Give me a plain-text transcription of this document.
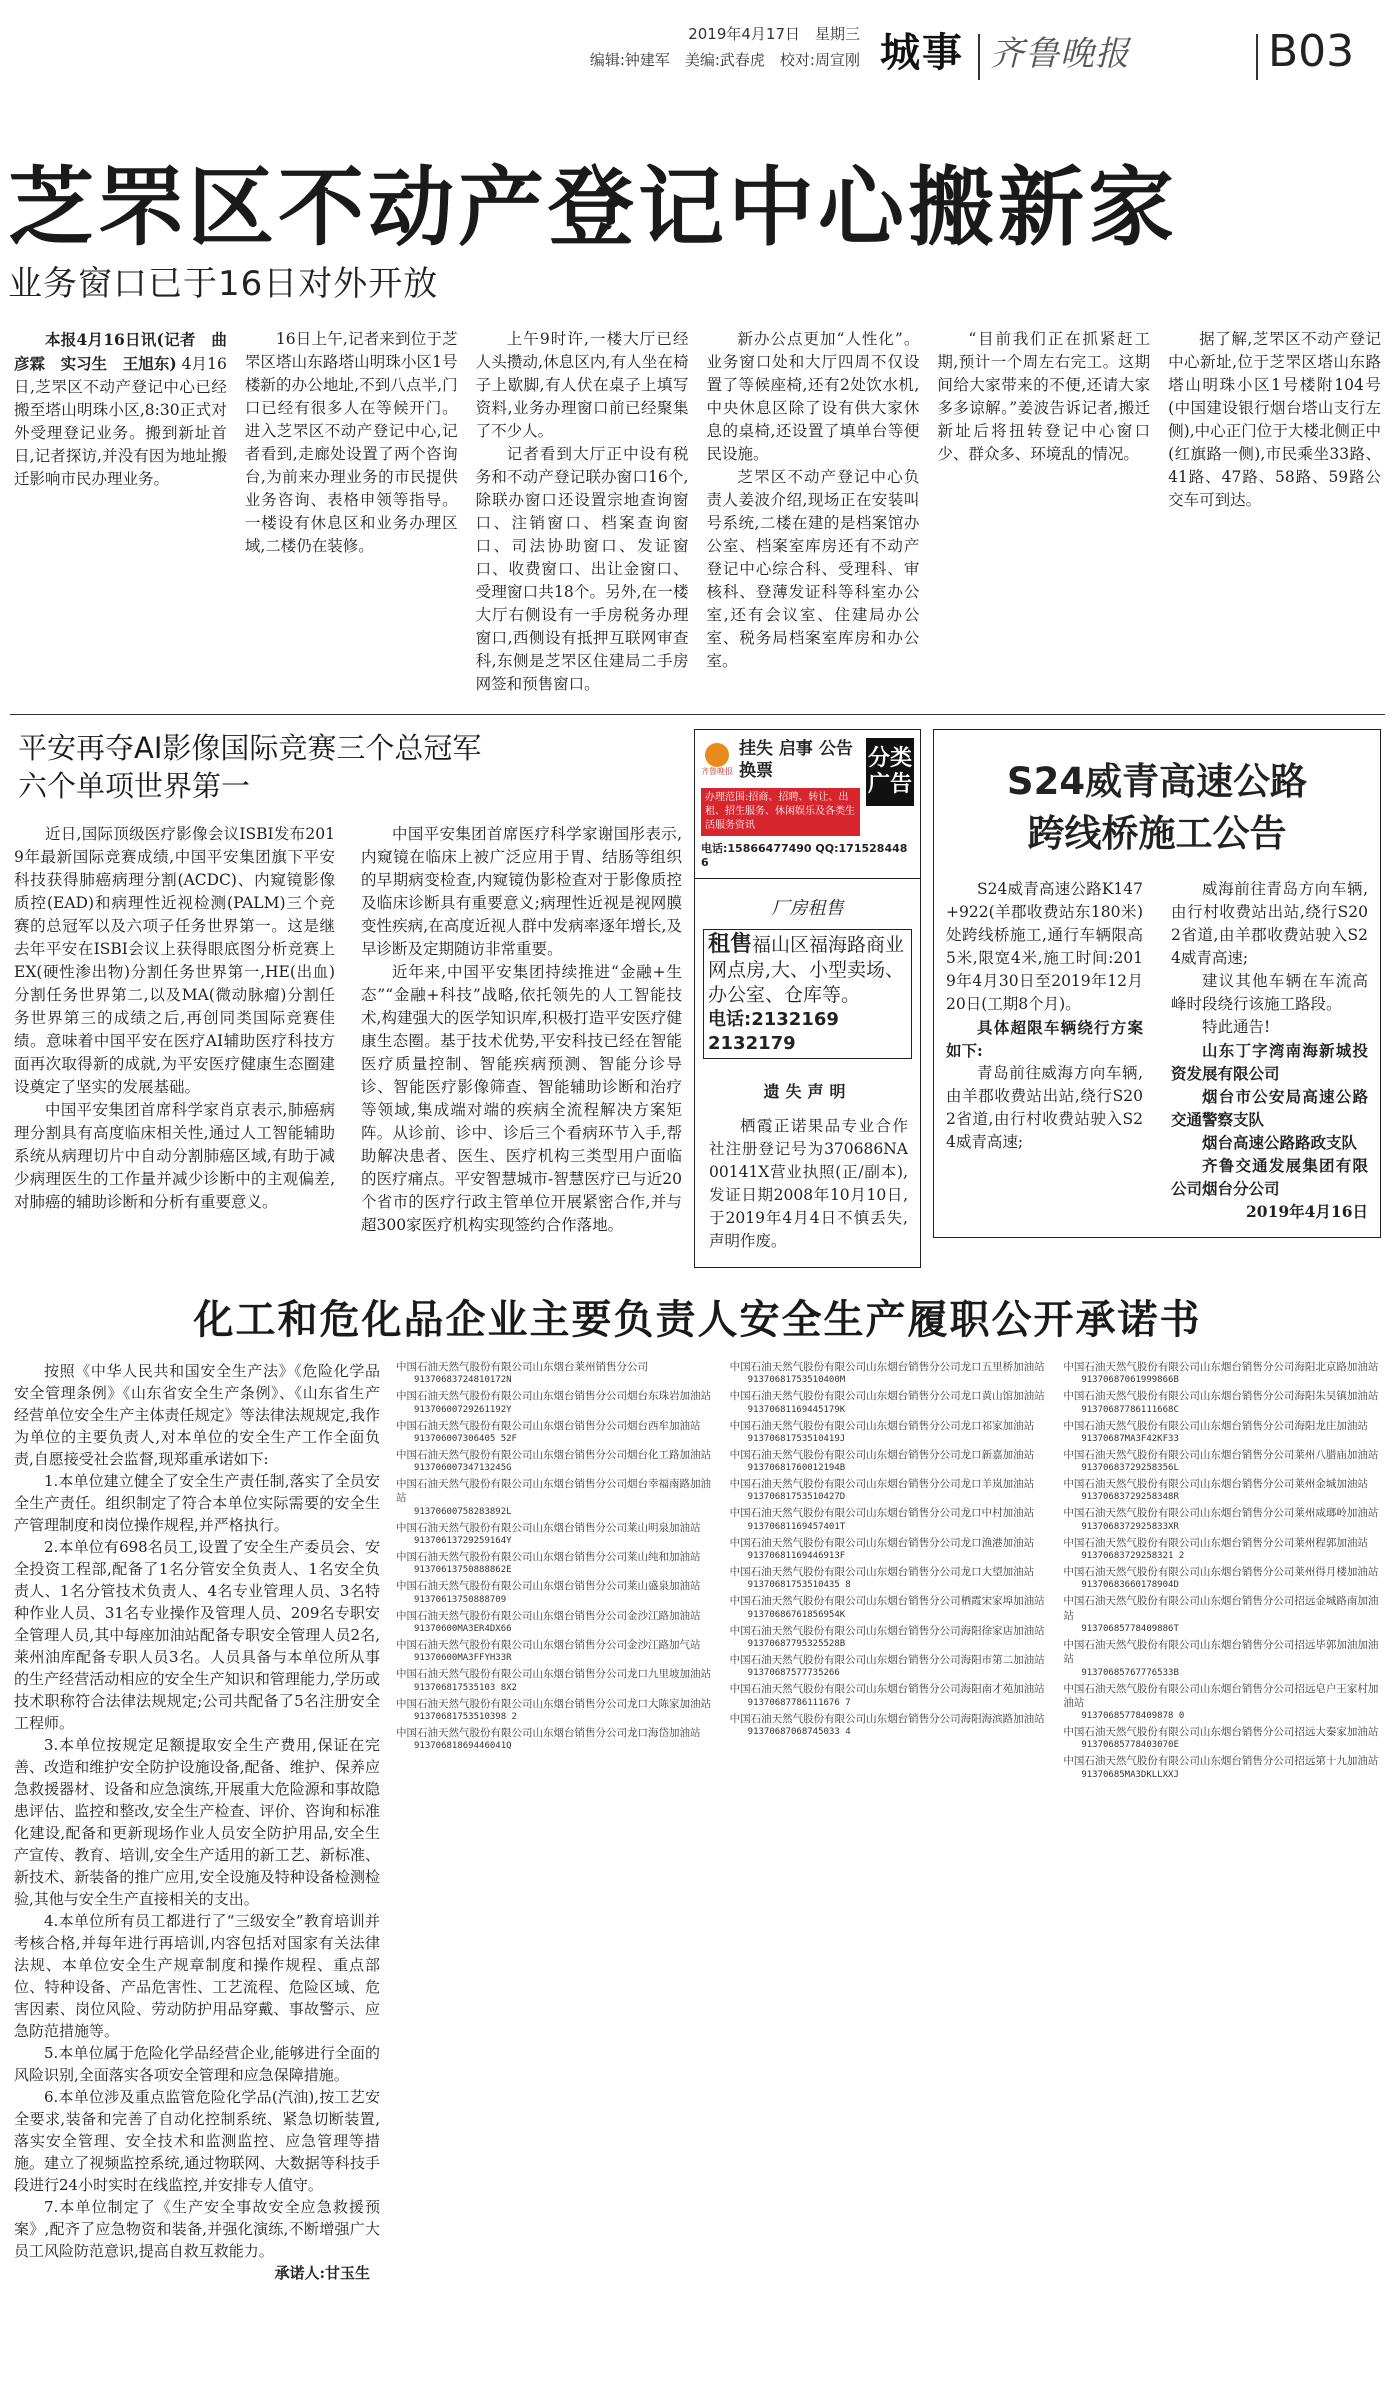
2019年4月17日　星期三
编辑:钟建军　美编:武春虎　校对:周宣刚 城事 齐鲁晚报	B03
芝罘区不动产登记中心搬新家
业务窗口已于16日对外开放

本报4月16日讯(记者　曲彦霖　实习生　王旭东) 4月16日,芝罘区不动产登记中心已经搬至塔山明珠小区,8:30正式对外受理登记业务。搬到新址首日,记者探访,并没有因为地址搬迁影响市民办理业务。

16日上午,记者来到位于芝罘区塔山东路塔山明珠小区1号楼新的办公地址,不到八点半,门口已经有很多人在等候开门。进入芝罘区不动产登记中心,记者看到,走廊处设置了两个咨询台,为前来办理业务的市民提供业务咨询、表格申领等指导。一楼设有休息区和业务办理区域,二楼仍在装修。

上午9时许,一楼大厅已经人头攒动,休息区内,有人坐在椅子上歇脚,有人伏在桌子上填写资料,业务办理窗口前已经聚集了不少人。

记者看到大厅正中设有税务和不动产登记联办窗口16个,除联办窗口还设置宗地查询窗口、注销窗口、档案查询窗口、司法协助窗口、发证窗口、收费窗口、出让金窗口、受理窗口共18个。另外,在一楼大厅右侧设有一手房税务办理窗口,西侧设有抵押互联网审查科,东侧是芝罘区住建局二手房网签和预售窗口。

新办公点更加“人性化”。业务窗口处和大厅四周不仅设置了等候座椅,还有2处饮水机,中央休息区除了设有供大家休息的桌椅,还设置了填单台等便民设施。

芝罘区不动产登记中心负责人姜波介绍,现场正在安装叫号系统,二楼在建的是档案馆办公室、档案室库房还有不动产登记中心综合科、受理科、审核科、登薄发证科等科室办公室,还有会议室、住建局办公室、税务局档案室库房和办公室。

“目前我们正在抓紧赶工期,预计一个周左右完工。这期间给大家带来的不便,还请大家多多谅解。”姜波告诉记者,搬迁新址后将扭转登记中心窗口少、群众多、环境乱的情况。

据了解,芝罘区不动产登记中心新址,位于芝罘区塔山东路塔山明珠小区1号楼附104号(中国建设银行烟台塔山支行左侧),中心正门位于大楼北侧正中(红旗路一侧),市民乘坐33路、41路、47路、58路、59路公交车可到达。

平安再夺AI影像国际竞赛三个总冠军
六个单项世界第一

近日,国际顶级医疗影像会议ISBI发布2019年最新国际竞赛成绩,中国平安集团旗下平安科技获得肺癌病理分割(ACDC)、内窥镜影像质控(EAD)和病理性近视检测(PALM)三个竞赛的总冠军以及六项子任务世界第一。这是继去年平安在ISBI会议上获得眼底图分析竞赛上EX(硬性渗出物)分割任务世界第一,HE(出血)分割任务世界第二,以及MA(微动脉瘤)分割任务世界第三的成绩之后,再创同类国际竞赛佳绩。意味着中国平安在医疗AI辅助医疗科技方面再次取得新的成就,为平安医疗健康生态圈建设奠定了坚实的发展基础。

中国平安集团首席科学家肖京表示,肺癌病理分割具有高度临床相关性,通过人工智能辅助系统从病理切片中自动分割肺癌区域,有助于减少病理医生的工作量并减少诊断中的主观偏差,对肺癌的辅助诊断和分析有重要意义。

中国平安集团首席医疗科学家谢国彤表示,内窥镜在临床上被广泛应用于胃、结肠等组织的早期病变检查,内窥镜伪影检查对于影像质控及临床诊断具有重要意义;病理性近视是视网膜变性疾病,在高度近视人群中发病率逐年增长,及早诊断及定期随访非常重要。

近年来,中国平安集团持续推进“金融+生态”“金融+科技”战略,依托领先的人工智能技术,构建强大的医学知识库,积极打造平安医疗健康生态圈。基于技术优势,平安科技已经在智能医疗质量控制、智能疾病预测、智能分诊导诊、智能医疗影像筛查、智能辅助诊断和治疗等领域,集成端对端的疾病全流程解决方案矩阵。从诊前、诊中、诊后三个看病环节入手,帮助解决患者、医生、医疗机构三类型用户面临的医疗痛点。平安智慧城市-智慧医疗已与近20个省市的医疗行政主管单位开展紧密合作,并与超300家医疗机构实现签约合作落地。

齐鲁晚报
挂失 启事 公告 换票
办理范围:招商、招聘、转让、出租、招生服务、休闲娱乐及各类生活服务资讯
分类
广告
电话:15866477490 QQ:1715284486
厂房租售
租售福山区福海路商业网点房,大、小型卖场、办公室、仓库等。
电话:2132169 2132179
遗失声明
栖霞正诺果品专业合作社注册登记号为370686NA00141X营业执照(正/副本),发证日期2008年10月10日,于2019年4月4日不慎丢失,声明作废。
S24威青高速公路
跨线桥施工公告

S24威青高速公路K147+922(羊郡收费站东180米)处跨线桥施工,通行车辆限高5米,限宽4米,施工时间:2019年4月30日至2019年12月20日(工期8个月)。

具体超限车辆绕行方案如下:

青岛前往威海方向车辆,由羊郡收费站出站,绕行S202省道,由行村收费站驶入S24威青高速;

威海前往青岛方向车辆,由行村收费站出站,绕行S202省道,由羊郡收费站驶入S24威青高速;

建议其他车辆在车流高峰时段绕行该施工路段。

特此通告!

山东丁字湾南海新城投资发展有限公司

烟台市公安局高速公路交通警察支队

烟台高速公路路政支队

齐鲁交通发展集团有限公司烟台分公司

2019年4月16日

化工和危化品企业主要负责人安全生产履职公开承诺书

按照《中华人民共和国安全生产法》《危险化学品安全管理条例》《山东省安全生产条例》、《山东省生产经营单位安全生产主体责任规定》等法律法规规定,我作为单位的主要负责人,对本单位的安全生产工作全面负责,自愿接受社会监督,现郑重承诺如下:

1.本单位建立健全了安全生产责任制,落实了全员安全生产责任。组织制定了符合本单位实际需要的安全生产管理制度和岗位操作规程,并严格执行。

2.本单位有698名员工,设置了安全生产委员会、安全投资工程部,配备了1名分管安全负责人、1名安全负责人、1名分管技术负责人、4名专业管理人员、3名特种作业人员、31名专业操作及管理人员、209名专职安全管理人员,其中每座加油站配备专职安全管理人员2名,莱州油库配备专职人员3名。人员具备与本单位所从事的生产经营活动相应的安全生产知识和管理能力,学历或技术职称符合法律法规规定;公司共配备了5名注册安全工程师。

3.本单位按规定足额提取安全生产费用,保证在完善、改造和维护安全防护设施设备,配备、维护、保养应急救援器材、设备和应急演练,开展重大危险源和事故隐患评估、监控和整改,安全生产检查、评价、咨询和标准化建设,配备和更新现场作业人员安全防护用品,安全生产宣传、教育、培训,安全生产适用的新工艺、新标准、新技术、新装备的推广应用,安全设施及特种设备检测检验,其他与安全生产直接相关的支出。

4.本单位所有员工都进行了“三级安全”教育培训并考核合格,并每年进行再培训,内容包括对国家有关法律法规、本单位安全生产规章制度和操作规程、重点部位、特种设备、产品危害性、工艺流程、危险区域、危害因素、岗位风险、劳动防护用品穿戴、事故警示、应急防范措施等。

5.本单位属于危险化学品经营企业,能够进行全面的风险识别,全面落实各项安全管理和应急保障措施。

6.本单位涉及重点监管危险化学品(汽油),按工艺安全要求,装备和完善了自动化控制系统、紧急切断装置,落实安全管理、安全技术和监测监控、应急管理等措施。建立了视频监控系统,通过物联网、大数据等科技手段进行24小时实时在线监控,并安排专人值守。

7.本单位制定了《生产安全事故安全应急救援预案》,配齐了应急物资和装备,并强化演练,不断增强广大员工风险防范意识,提高自救互救能力。

承诺人:甘玉生

中国石油天然气股份有限公司山东烟台莱州销售分公司
91370683724810172N
中国石油天然气股份有限公司山东烟台销售分公司烟台东珠岩加油站
91370600729261192Y
中国石油天然气股份有限公司山东烟台销售分公司烟台西牟加油站
913706007306405 52F
中国石油天然气股份有限公司山东烟台销售分公司烟台化工路加油站
91370600734713245G
中国石油天然气股份有限公司山东烟台销售分公司烟台幸福南路加油站
91370600758283892L
中国石油天然气股份有限公司山东烟台销售分公司莱山明泉加油站
91370613729259164Y
中国石油天然气股份有限公司山东烟台销售分公司莱山纯和加油站
91370613750888862E
中国石油天然气股份有限公司山东烟台销售分公司莱山盛泉加油站
91370613750888709
中国石油天然气股份有限公司山东烟台销售分公司金沙江路加油站
91370600MA3ER4DX66
中国石油天然气股份有限公司山东烟台销售分公司金沙江路加气站
91370600MA3FFYH33R
中国石油天然气股份有限公司山东烟台销售分公司龙口九里坡加油站
913706817535103 8X2
中国石油天然气股份有限公司山东烟台销售分公司龙口大陈家加油站
91370681753510398 2
中国石油天然气股份有限公司山东烟台销售分公司龙口海岱加油站
91370681869446041Q
中国石油天然气股份有限公司山东烟台销售分公司龙口五里桥加油站
91370681753510400M
中国石油天然气股份有限公司山东烟台销售分公司龙口黄山馆加油站
91370681169445179K
中国石油天然气股份有限公司山东烟台销售分公司龙口祁家加油站
91370681753510419J
中国石油天然气股份有限公司山东烟台销售分公司龙口新嘉加油站
91370681760012194B
中国石油天然气股份有限公司山东烟台销售分公司龙口羊岚加油站
91370681753510427D
中国石油天然气股份有限公司山东烟台销售分公司龙口中村加油站
91370681169457401T
中国石油天然气股份有限公司山东烟台销售分公司龙口渔港加油站
91370681169446913F
中国石油天然气股份有限公司山东烟台销售分公司龙口大望加油站
91370681753510435 8
中国石油天然气股份有限公司山东烟台销售分公司栖霞宋家埠加油站
91370686761856954K
中国石油天然气股份有限公司山东烟台销售分公司海阳徐家店加油站
91370687795325528B
中国石油天然气股份有限公司山东烟台销售分公司海阳市第二加油站
91370687577735266
中国石油天然气股份有限公司山东烟台销售分公司海阳南才苑加油站
91370687786111676 7
中国石油天然气股份有限公司山东烟台销售分公司海阳海滨路加油站
91370687068745033 4
中国石油天然气股份有限公司山东烟台销售分公司海阳北京路加油站
91370687061999866B
中国石油天然气股份有限公司山东烟台销售分公司海阳朱吴镇加油站
91370687786111668C
中国石油天然气股份有限公司山东烟台销售分公司海阳龙庄加油站
91370687MA3F42KF33
中国石油天然气股份有限公司山东烟台销售分公司莱州八腊庙加油站
91370683729258356L
中国石油天然气股份有限公司山东烟台销售分公司莱州金城加油站
91370683729258348R
中国石油天然气股份有限公司山东烟台销售分公司莱州咸瑯岭加油站
9137068372925833XR
中国石油天然气股份有限公司山东烟台销售分公司莱州程郭加油站
91370683729258321 2
中国石油天然气股份有限公司山东烟台销售分公司莱州得月楼加油站
91370683660178904D
中国石油天然气股份有限公司山东烟台销售分公司招远金城路南加油站
91370685778409886T
中国石油天然气股份有限公司山东烟台销售分公司招远毕郭加油加油站
91370685767776533B
中国石油天然气股份有限公司山东烟台销售分公司招远皂户王家村加油站
91370685778409878 0
中国石油天然气股份有限公司山东烟台销售分公司招远大秦家加油站
91370685778403070E
中国石油天然气股份有限公司山东烟台销售分公司招远第十九加油站
91370685MA3DKLLXXJ
